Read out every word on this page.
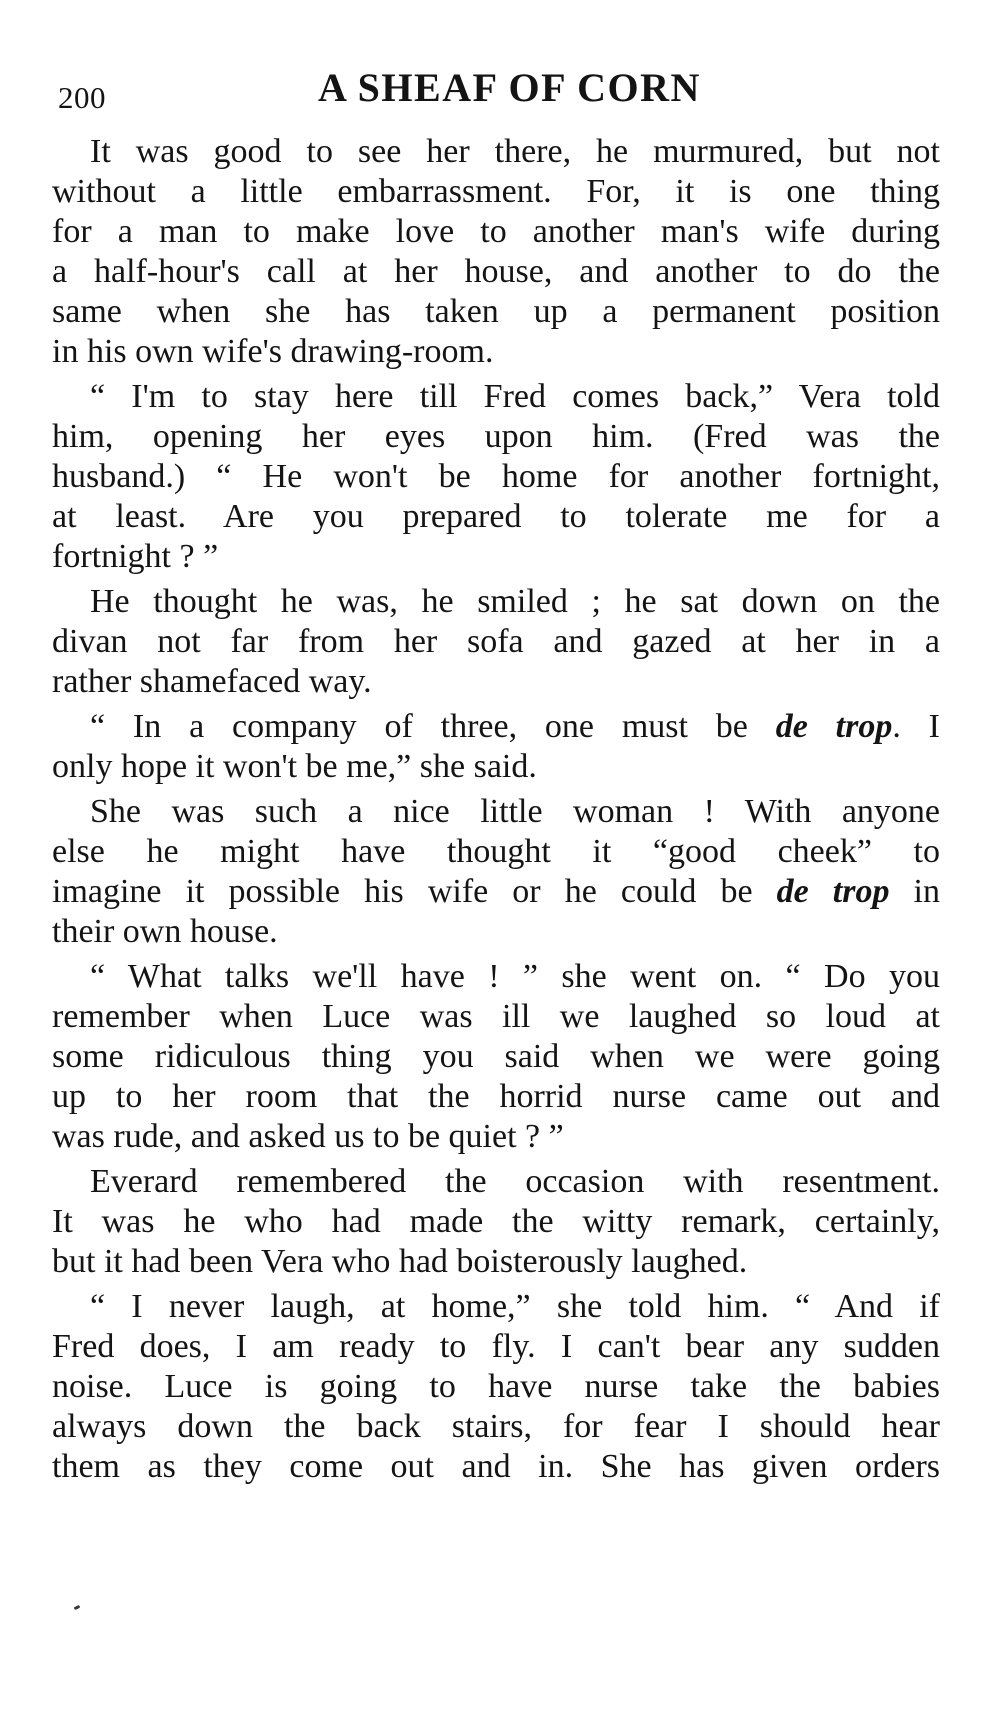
200	A SHEAF OF CORN
It was good to see her there, he murmured, but not
without a little embarrassment. For, it is one thing
for a man to make love to another man's wife during
a half-hour's call at her house, and another to do the
same when she has taken up a permanent position
in his own wife's drawing-room.
“ I'm to stay here till Fred comes back,” Vera told
him, opening her eyes upon him. (Fred was the
husband.) “ He won't be home for another fortnight,
at least. Are you prepared to tolerate me for a
fortnight ? ”
He thought he was, he smiled ; he sat down on the
divan not far from her sofa and gazed at her in a
rather shamefaced way.
“ In a company of three, one must be de trop. I
only hope it won't be me,” she said.
She was such a nice little woman ! With anyone
else he might have thought it “good cheek” to
imagine it possible his wife or he could be de trop in
their own house.
“ What talks we'll have ! ” she went on. “ Do you
remember when Luce was ill we laughed so loud at
some ridiculous thing you said when we were going
up to her room that the horrid nurse came out and
was rude, and asked us to be quiet ? ”
Everard remembered the occasion with resentment.
It was he who had made the witty remark, certainly,
but it had been Vera who had boisterously laughed.
“ I never laugh, at home,” she told him. “ And if
Fred does, I am ready to fly. I can't bear any sudden
noise. Luce is going to have nurse take the babies
always down the back stairs, for fear I should hear
them as they come out and in. She has given orders
